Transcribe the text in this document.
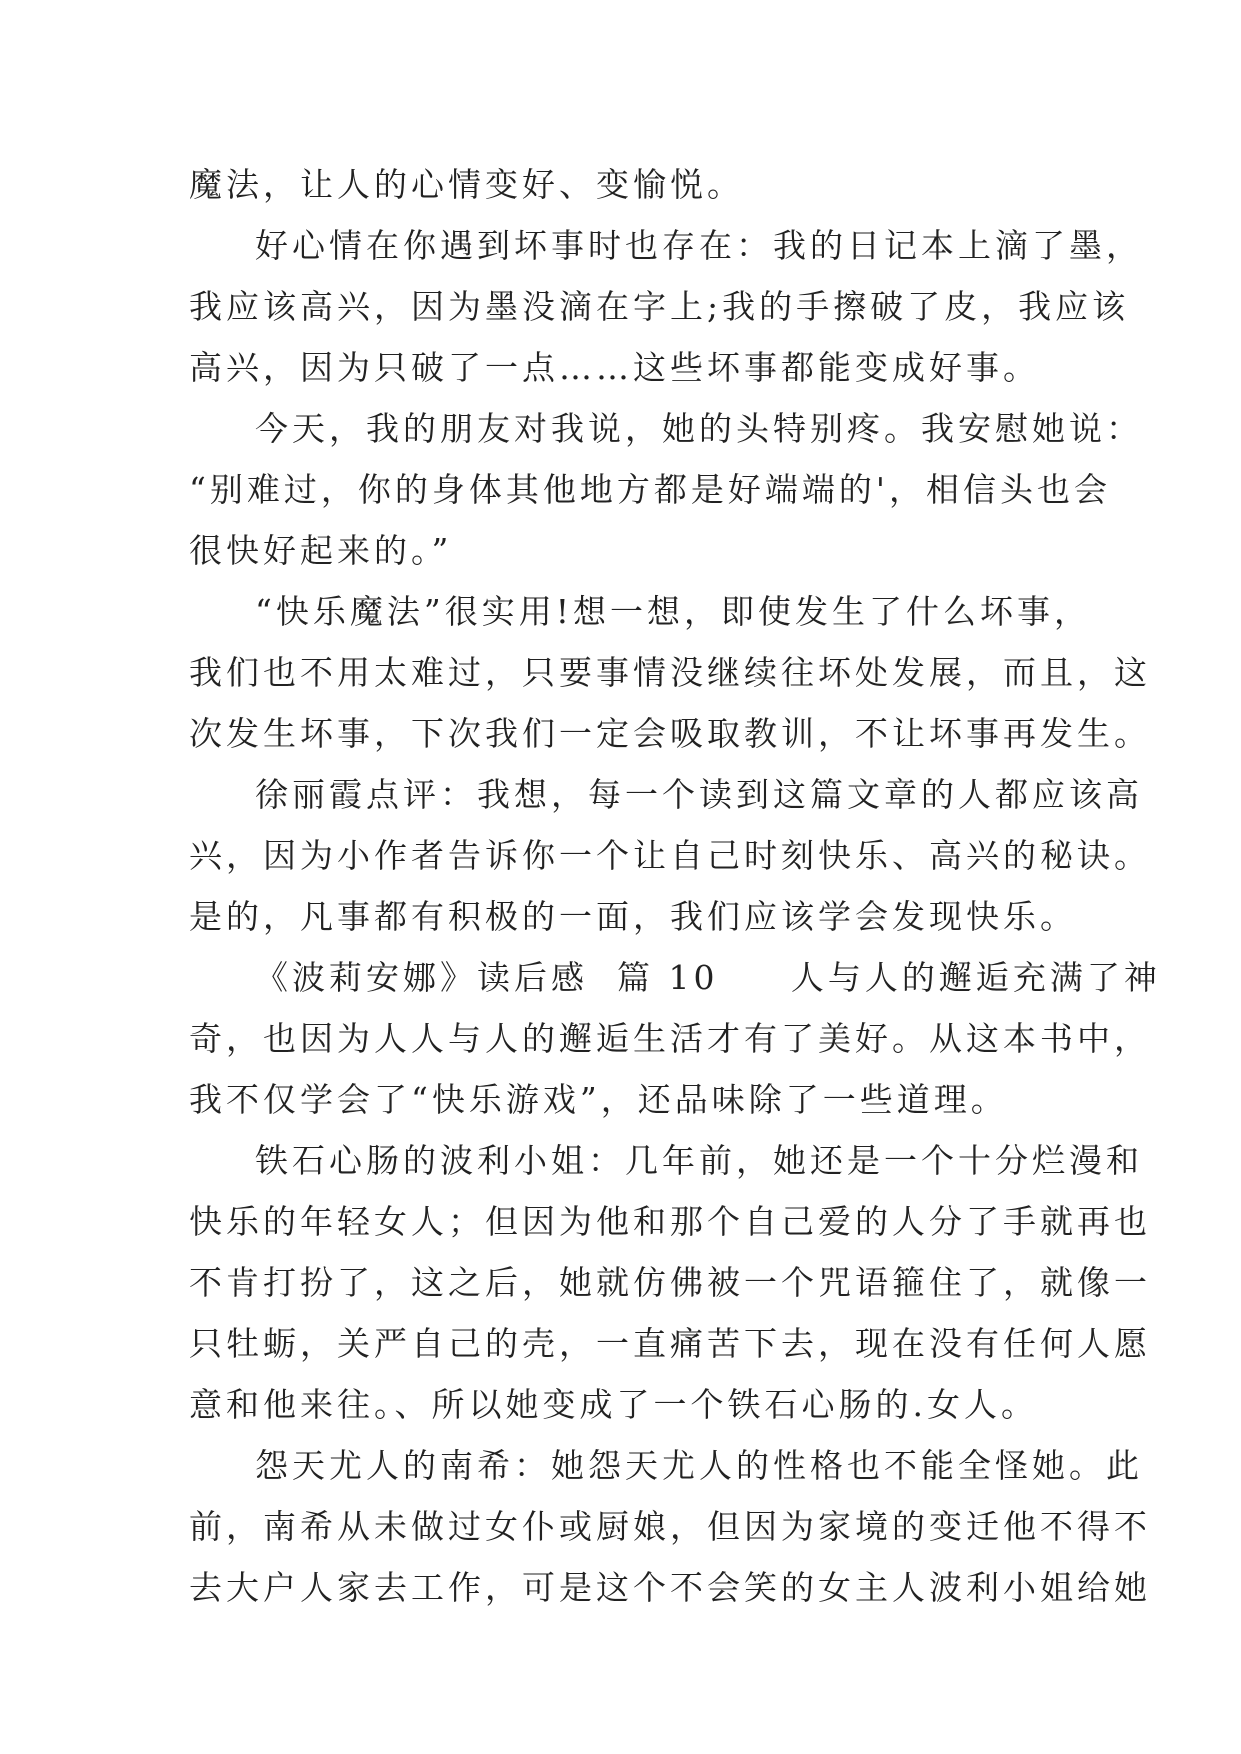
魔法，让人的心情变好、变愉悦。
好心情在你遇到坏事时也存在：我的日记本上滴了墨，
我应该高兴，因为墨没滴在字上;我的手擦破了皮，我应该
高兴，因为只破了一点……这些坏事都能变成好事。
今天，我的朋友对我说，她的头特别疼。我安慰她说：
“别难过，你的身体其他地方都是好端端的'，相信头也会
很快好起来的。”
“快乐魔法”很实用!想一想，即使发生了什么坏事，
我们也不用太难过，只要事情没继续往坏处发展，而且，这
次发生坏事，下次我们一定会吸取教训，不让坏事再发生。
徐丽霞点评：我想，每一个读到这篇文章的人都应该高
兴，因为小作者告诉你一个让自己时刻快乐、高兴的秘诀。
是的，凡事都有积极的一面，我们应该学会发现快乐。
《波莉安娜》读后感  篇 10     人与人的邂逅充满了神
奇，也因为人人与人的邂逅生活才有了美好。从这本书中，
我不仅学会了“快乐游戏”，还品味除了一些道理。
铁石心肠的波利小姐：几年前，她还是一个十分烂漫和
快乐的年轻女人；但因为他和那个自己爱的人分了手就再也
不肯打扮了，这之后，她就仿佛被一个咒语箍住了，就像一
只牡蛎，关严自己的壳，一直痛苦下去，现在没有任何人愿
意和他来往。、所以她变成了一个铁石心肠的.女人。
怨天尤人的南希：她怨天尤人的性格也不能全怪她。此
前，南希从未做过女仆或厨娘，但因为家境的变迁他不得不
去大户人家去工作，可是这个不会笑的女主人波利小姐给她
